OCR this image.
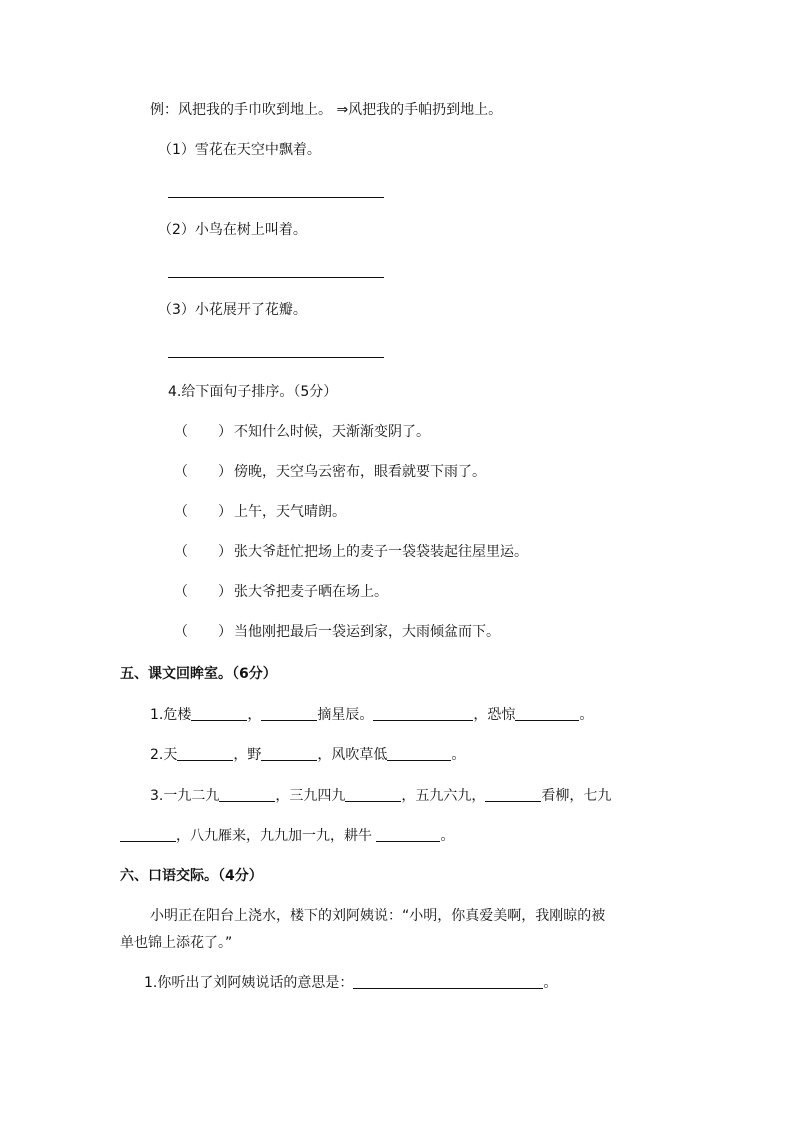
例：风把我的手巾吹到地上。 ⇒风把我的手帕扔到地上。
（1）雪花在天空中飘着。
（2）小鸟在树上叫着。
（3）小花展开了花瓣。
4.给下面句子排序。（5分）
（ ） 不知什么时候，天渐渐变阴了。
（ ） 傍晚，天空乌云密布，眼看就要下雨了。
（ ） 上午，天气晴朗。
（ ） 张大爷赶忙把场上的麦子一袋袋装起往屋里运。
（ ） 张大爷把麦子晒在场上。
（ ） 当他刚把最后一袋运到家，大雨倾盆而下。
五、课文回眸室。（6分）
1.危楼	，	摘星辰。	，恐惊	。
2.天	，野	，风吹草低	。
3.一九二九	，三九四九	，五九六九，	看柳，七九
，八九雁来，九九加一九，耕牛	。
六、口语交际。（4分）
小明正在阳台上浇水，楼下的刘阿姨说：“小明，你真爱美啊，我刚晾的被
单也锦上添花了。”
1.你听出了刘阿姨说话的意思是：	。
